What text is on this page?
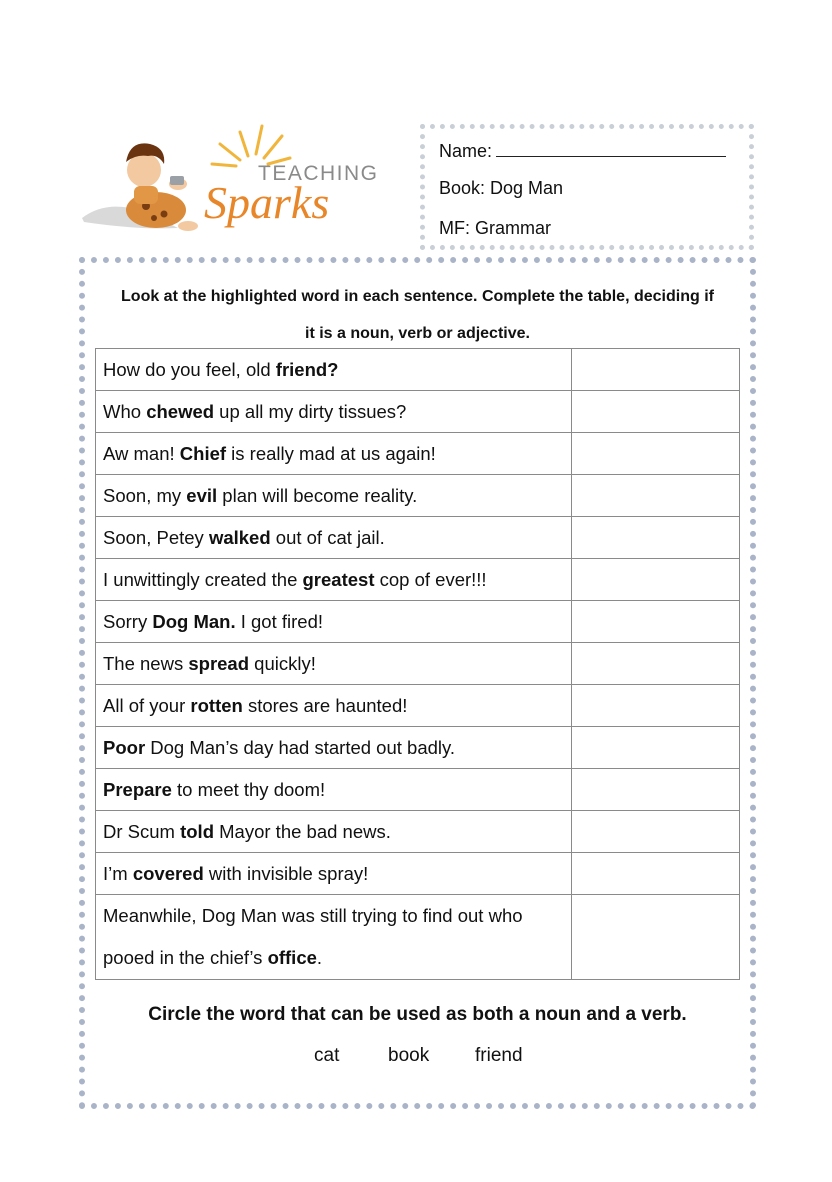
TEACHING
Sparks
Name:
Book: Dog Man
MF: Grammar
Look at the highlighted word in each sentence. Complete the table, deciding if
it is a noun, verb or adjective.
How do you feel, old friend?	
Who chewed up all my dirty tissues?	
Aw man! Chief is really mad at us again!	
Soon, my evil plan will become reality.	
Soon, Petey walked out of cat jail.	
I unwittingly created the greatest cop of ever!!!	
Sorry Dog Man. I got fired!	
The news spread quickly!	
All of your rotten stores are haunted!	
Poor Dog Man’s day had started out badly.	
Prepare to meet thy doom!	
Dr Scum told Mayor the bad news.	
I’m covered with invisible spray!	
Meanwhile, Dog Man was still trying to find out who pooed in the chief’s office.	
Circle the word that can be used as both a noun and a verb.
cat	book friend
